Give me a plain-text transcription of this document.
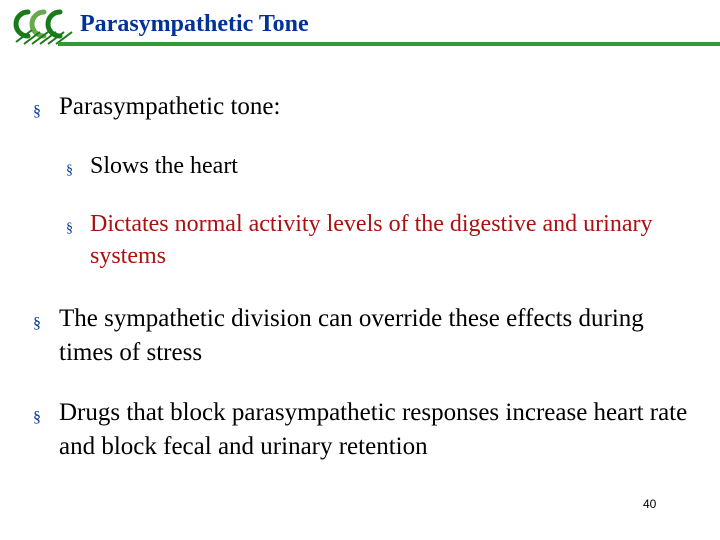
Parasympathetic Tone
§ Parasympathetic tone:
§ Slows the heart
§ Dictates normal activity levels of the digestive and urinary systems
§ The sympathetic division can override these effects during times of stress
§ Drugs that block parasympathetic responses increase heart rate and block fecal and urinary retention
40
